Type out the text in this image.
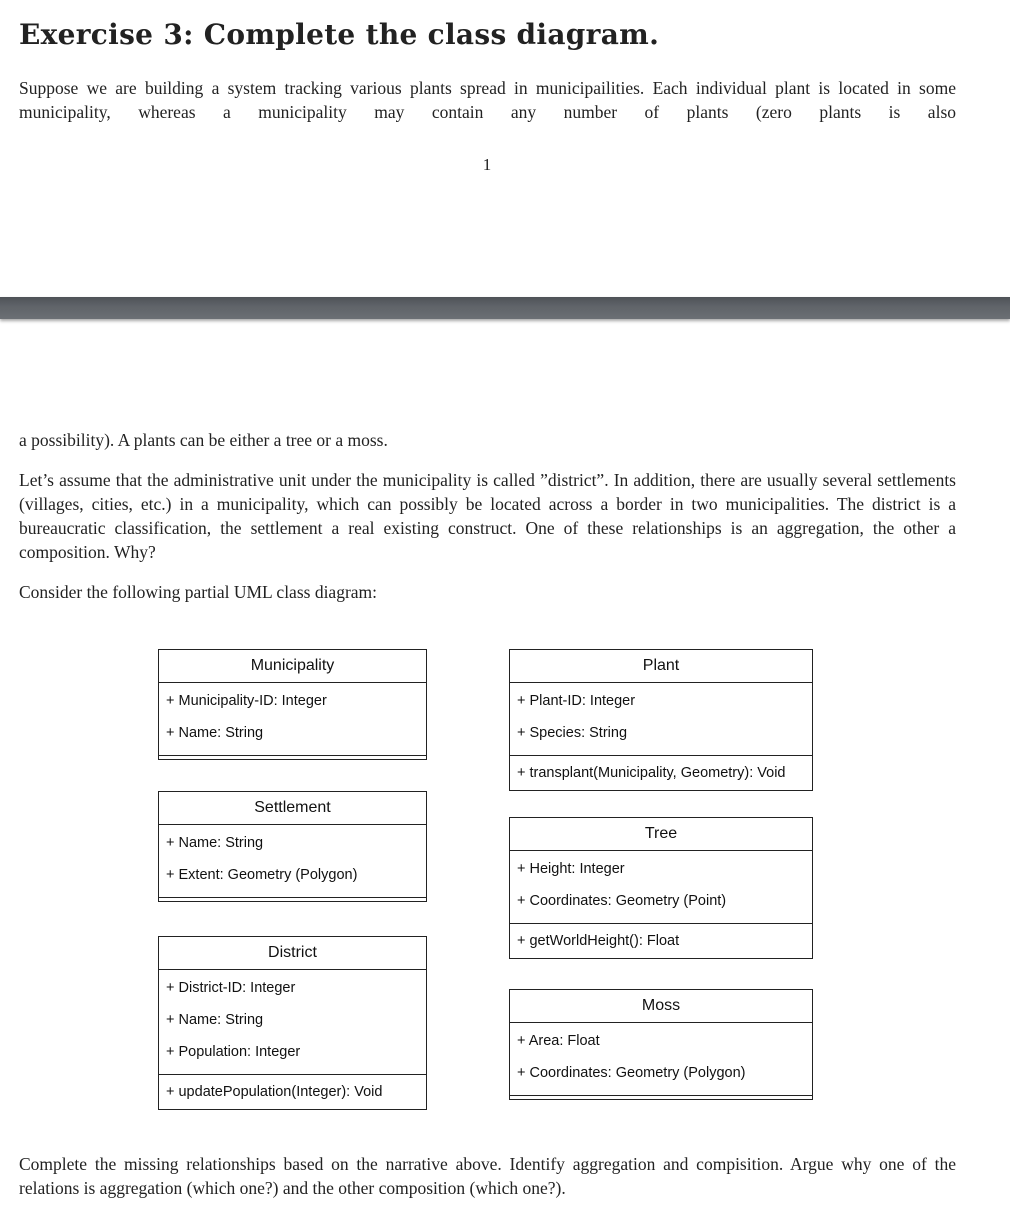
Exercise 3: Complete the class diagram.

Suppose we are building a system tracking various plants spread in municipailities. Each individual plant is located in some municipality, whereas a municipality may contain any number of plants (zero plants is also

1

a possibility). A plants can be either a tree or a moss.

Let’s assume that the administrative unit under the municipality is called ”district”. In addition, there are usually several settlements (villages, cities, etc.) in a municipality, which can possibly be located across a border in two municipalities. The district is a bureaucratic classification, the settlement a real existing construct. One of these relationships is an aggregation, the other a composition. Why?

Consider the following partial UML class diagram:

Municipality
+ Municipality-ID: Integer
+ Name: String
Settlement
+ Name: String
+ Extent: Geometry (Polygon)
District
+ District-ID: Integer
+ Name: String
+ Population: Integer
+ updatePopulation(Integer): Void
Plant
+ Plant-ID: Integer
+ Species: String
+ transplant(Municipality, Geometry): Void
Tree
+ Height: Integer
+ Coordinates: Geometry (Point)
+ getWorldHeight(): Float
Moss
+ Area: Float
+ Coordinates: Geometry (Polygon)

Complete the missing relationships based on the narrative above. Identify aggregation and compisition. Argue why one of the relations is aggregation (which one?) and the other composition (which one?).
